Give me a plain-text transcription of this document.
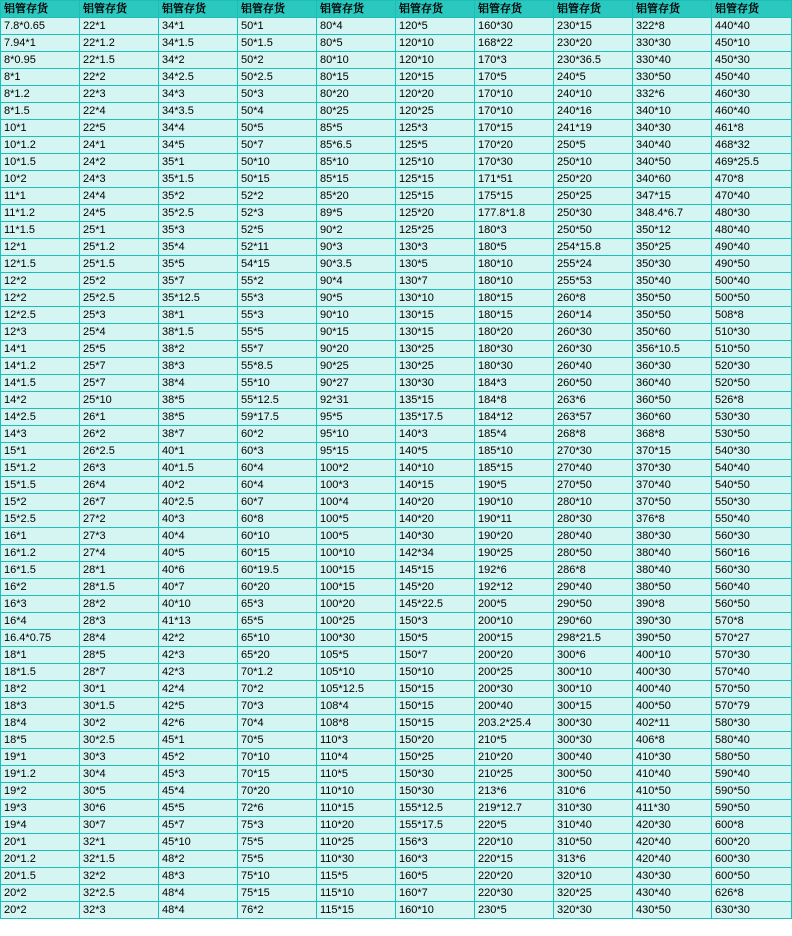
铝管存货	铝管存货	铝管存货	铝管存货	铝管存货	铝管存货	铝管存货	铝管存货	铝管存货	铝管存货
7.8*0.65	22*1	34*1	50*1	80*4	120*5	160*30	230*15	322*8	440*40
7.94*1	22*1.2	34*1.5	50*1.5	80*5	120*10	168*22	230*20	330*30	450*10
8*0.95	22*1.5	34*2	50*2	80*10	120*10	170*3	230*36.5	330*40	450*30
8*1	22*2	34*2.5	50*2.5	80*15	120*15	170*5	240*5	330*50	450*40
8*1.2	22*3	34*3	50*3	80*20	120*20	170*10	240*10	332*6	460*30
8*1.5	22*4	34*3.5	50*4	80*25	120*25	170*10	240*16	340*10	460*40
10*1	22*5	34*4	50*5	85*5	125*3	170*15	241*19	340*30	461*8
10*1.2	24*1	34*5	50*7	85*6.5	125*5	170*20	250*5	340*40	468*32
10*1.5	24*2	35*1	50*10	85*10	125*10	170*30	250*10	340*50	469*25.5
10*2	24*3	35*1.5	50*15	85*15	125*15	171*51	250*20	340*60	470*8
11*1	24*4	35*2	52*2	85*20	125*15	175*15	250*25	347*15	470*40
11*1.2	24*5	35*2.5	52*3	89*5	125*20	177.8*1.8	250*30	348.4*6.7	480*30
11*1.5	25*1	35*3	52*5	90*2	125*25	180*3	250*50	350*12	480*40
12*1	25*1.2	35*4	52*11	90*3	130*3	180*5	254*15.8	350*25	490*40
12*1.5	25*1.5	35*5	54*15	90*3.5	130*5	180*10	255*24	350*30	490*50
12*2	25*2	35*7	55*2	90*4	130*7	180*10	255*53	350*40	500*40
12*2	25*2.5	35*12.5	55*3	90*5	130*10	180*15	260*8	350*50	500*50
12*2.5	25*3	38*1	55*3	90*10	130*15	180*15	260*14	350*50	508*8
12*3	25*4	38*1.5	55*5	90*15	130*15	180*20	260*30	350*60	510*30
14*1	25*5	38*2	55*7	90*20	130*25	180*30	260*30	356*10.5	510*50
14*1.2	25*7	38*3	55*8.5	90*25	130*25	180*30	260*40	360*30	520*30
14*1.5	25*7	38*4	55*10	90*27	130*30	184*3	260*50	360*40	520*50
14*2	25*10	38*5	55*12.5	92*31	135*15	184*8	263*6	360*50	526*8
14*2.5	26*1	38*5	59*17.5	95*5	135*17.5	184*12	263*57	360*60	530*30
14*3	26*2	38*7	60*2	95*10	140*3	185*4	268*8	368*8	530*50
15*1	26*2.5	40*1	60*3	95*15	140*5	185*10	270*30	370*15	540*30
15*1.2	26*3	40*1.5	60*4	100*2	140*10	185*15	270*40	370*30	540*40
15*1.5	26*4	40*2	60*4	100*3	140*15	190*5	270*50	370*40	540*50
15*2	26*7	40*2.5	60*7	100*4	140*20	190*10	280*10	370*50	550*30
15*2.5	27*2	40*3	60*8	100*5	140*20	190*11	280*30	376*8	550*40
16*1	27*3	40*4	60*10	100*5	140*30	190*20	280*40	380*30	560*30
16*1.2	27*4	40*5	60*15	100*10	142*34	190*25	280*50	380*40	560*16
16*1.5	28*1	40*6	60*19.5	100*15	145*15	192*6	286*8	380*40	560*30
16*2	28*1.5	40*7	60*20	100*15	145*20	192*12	290*40	380*50	560*40
16*3	28*2	40*10	65*3	100*20	145*22.5	200*5	290*50	390*8	560*50
16*4	28*3	41*13	65*5	100*25	150*3	200*10	290*60	390*30	570*8
16.4*0.75	28*4	42*2	65*10	100*30	150*5	200*15	298*21.5	390*50	570*27
18*1	28*5	42*3	65*20	105*5	150*7	200*20	300*6	400*10	570*30
18*1.5	28*7	42*3	70*1.2	105*10	150*10	200*25	300*10	400*30	570*40
18*2	30*1	42*4	70*2	105*12.5	150*15	200*30	300*10	400*40	570*50
18*3	30*1.5	42*5	70*3	108*4	150*15	200*40	300*15	400*50	570*79
18*4	30*2	42*6	70*4	108*8	150*15	203.2*25.4	300*30	402*11	580*30
18*5	30*2.5	45*1	70*5	110*3	150*20	210*5	300*30	406*8	580*40
19*1	30*3	45*2	70*10	110*4	150*25	210*20	300*40	410*30	580*50
19*1.2	30*4	45*3	70*15	110*5	150*30	210*25	300*50	410*40	590*40
19*2	30*5	45*4	70*20	110*10	150*30	213*6	310*6	410*50	590*50
19*3	30*6	45*5	72*6	110*15	155*12.5	219*12.7	310*30	411*30	590*50
19*4	30*7	45*7	75*3	110*20	155*17.5	220*5	310*40	420*30	600*8
20*1	32*1	45*10	75*5	110*25	156*3	220*10	310*50	420*40	600*20
20*1.2	32*1.5	48*2	75*5	110*30	160*3	220*15	313*6	420*40	600*30
20*1.5	32*2	48*3	75*10	115*5	160*5	220*20	320*10	430*30	600*50
20*2	32*2.5	48*4	75*15	115*10	160*7	220*30	320*25	430*40	626*8
20*2	32*3	48*4	76*2	115*15	160*10	230*5	320*30	430*50	630*30
